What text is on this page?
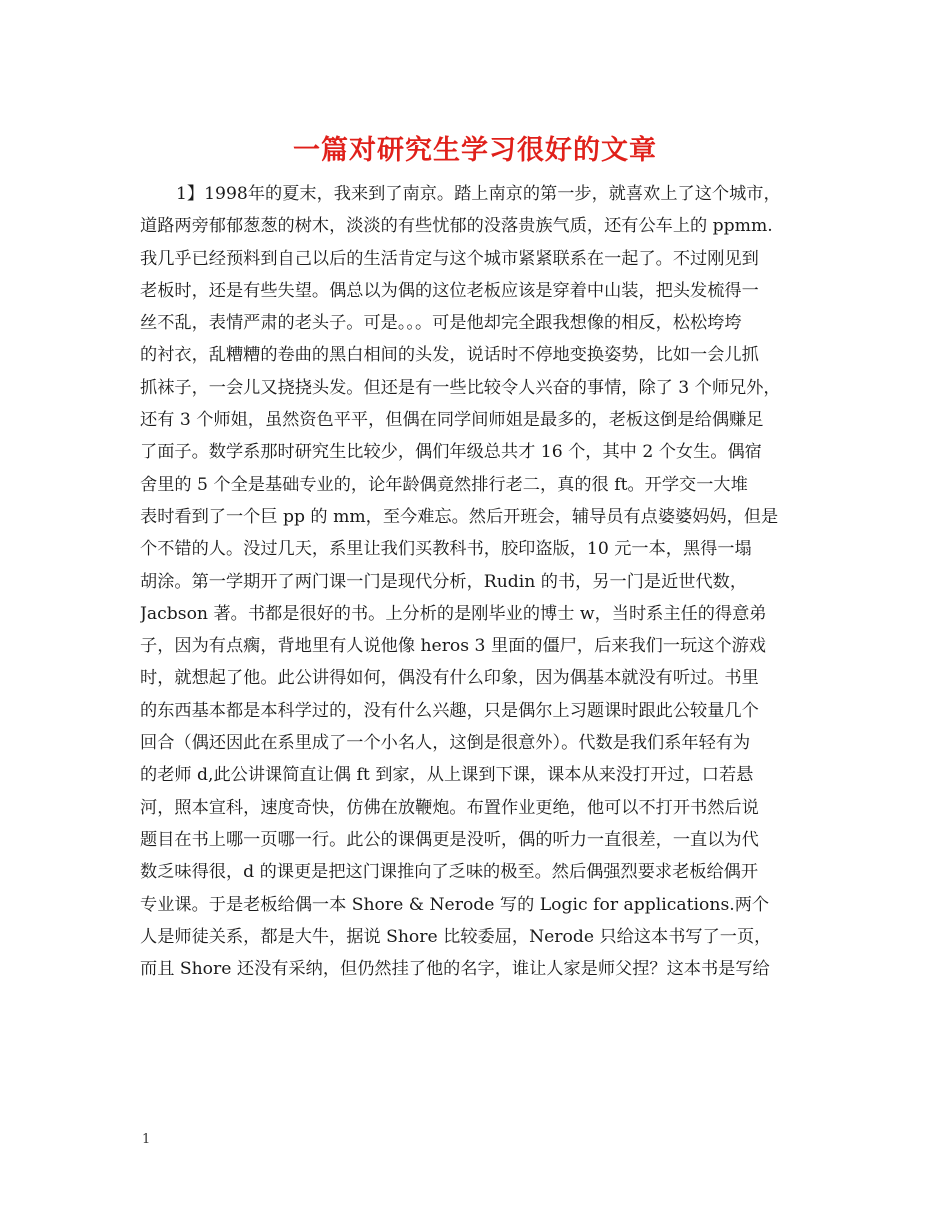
一篇对研究生学习很好的文章
1】1998年的夏末，我来到了南京。踏上南京的第一步，就喜欢上了这个城市，
道路两旁郁郁葱葱的树木，淡淡的有些忧郁的没落贵族气质，还有公车上的 ppmm.
我几乎已经预料到自己以后的生活肯定与这个城市紧紧联系在一起了。不过刚见到
老板时，还是有些失望。偶总以为偶的这位老板应该是穿着中山装，把头发梳得一
丝不乱，表情严肃的老头子。可是。。。可是他却完全跟我想像的相反，松松垮垮
的衬衣，乱糟糟的卷曲的黑白相间的头发，说话时不停地变换姿势，比如一会儿抓
抓袜子，一会儿又挠挠头发。但还是有一些比较令人兴奋的事情，除了 3 个师兄外，
还有 3 个师姐，虽然资色平平，但偶在同学间师姐是最多的，老板这倒是给偶赚足
了面子。数学系那时研究生比较少，偶们年级总共才 16 个，其中 2 个女生。偶宿
舍里的 5 个全是基础专业的，论年龄偶竟然排行老二，真的很 ft。开学交一大堆
表时看到了一个巨 pp 的 mm，至今难忘。然后开班会，辅导员有点婆婆妈妈，但是
个不错的人。没过几天，系里让我们买教科书，胶印盗版，10 元一本，黑得一塌
胡涂。第一学期开了两门课一门是现代分析，Rudin 的书，另一门是近世代数，
Jacbson 著。书都是很好的书。上分析的是刚毕业的博士 w，当时系主任的得意弟
子，因为有点瘸，背地里有人说他像 heros 3 里面的僵尸，后来我们一玩这个游戏
时，就想起了他。此公讲得如何，偶没有什么印象，因为偶基本就没有听过。书里
的东西基本都是本科学过的，没有什么兴趣，只是偶尔上习题课时跟此公较量几个
回合（偶还因此在系里成了一个小名人，这倒是很意外）。代数是我们系年轻有为
的老师 d,此公讲课简直让偶 ft 到家，从上课到下课，课本从来没打开过，口若悬
河，照本宣科，速度奇快，仿佛在放鞭炮。布置作业更绝，他可以不打开书然后说
题目在书上哪一页哪一行。此公的课偶更是没听，偶的听力一直很差，一直以为代
数乏味得很，d 的课更是把这门课推向了乏味的极至。然后偶强烈要求老板给偶开
专业课。于是老板给偶一本 Shore & Nerode 写的 Logic for applications.两个
人是师徒关系，都是大牛，据说 Shore 比较委屈，Nerode 只给这本书写了一页，
而且 Shore 还没有采纳，但仍然挂了他的名字，谁让人家是师父捏？这本书是写给
1
